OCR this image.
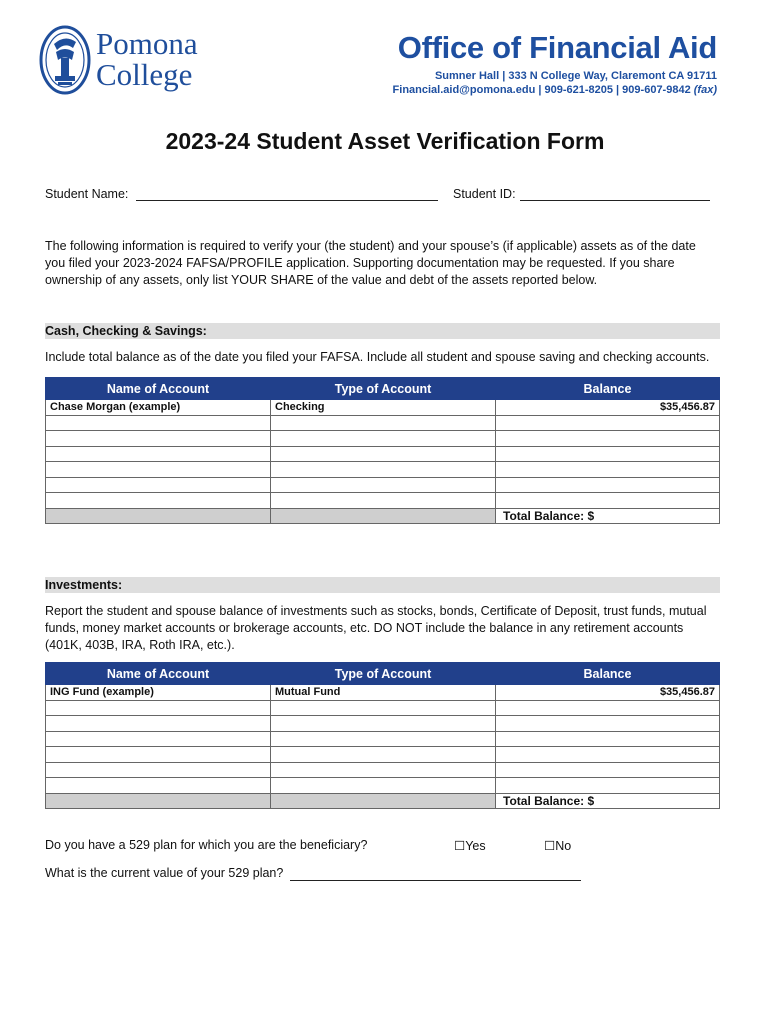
Pomona
College
Office of Financial Aid
Sumner Hall | 333 N College Way, Claremont CA 91711
Financial.aid@pomona.edu | 909-621-8205 | 909-607-9842 (fax)
2023-24 Student Asset Verification Form
Student Name:	Student ID:
The following information is required to verify your (the student) and your spouse’s (if applicable) assets as of the date you filed your 2023-2024 FAFSA/PROFILE application. Supporting documentation may be requested. If you share ownership of any assets, only list YOUR SHARE of the value and debt of the assets reported below.
Cash, Checking & Savings:
Include total balance as of the date you filed your FAFSA. Include all student and spouse saving and checking accounts.
Name of Account	Type of Account	Balance
Chase Morgan (example)	Checking	$35,456.87

		Total Balance: $
Investments:
Report the student and spouse balance of investments such as stocks, bonds, Certificate of Deposit, trust funds, mutual funds, money market accounts or brokerage accounts, etc. DO NOT include the balance in any retirement accounts (401K, 403B, IRA, Roth IRA, etc.).
Name of Account	Type of Account	Balance
ING Fund (example)	Mutual Fund	$35,456.87

		Total Balance: $
Do you have a 529 plan for which you are the beneficiary?	☐Yes	☐No
What is the current value of your 529 plan?
